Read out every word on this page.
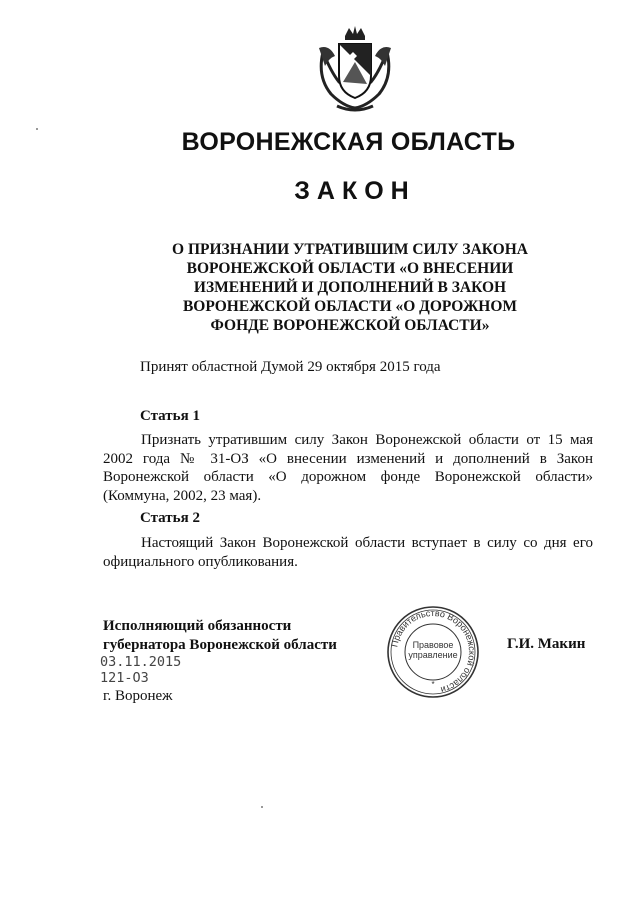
ВОРОНЕЖСКАЯ ОБЛАСТЬ
ЗАКОН
О ПРИЗНАНИИ УТРАТИВШИМ СИЛУ ЗАКОНА
ВОРОНЕЖСКОЙ ОБЛАСТИ «О ВНЕСЕНИИ
ИЗМЕНЕНИЙ И ДОПОЛНЕНИЙ В ЗАКОН
ВОРОНЕЖСКОЙ ОБЛАСТИ «О ДОРОЖНОМ
ФОНДЕ ВОРОНЕЖСКОЙ ОБЛАСТИ»
Принят областной Думой 29 октября 2015 года
Статья 1
Признать утратившим силу Закон Воронежской области от 15 мая 2002 года № 31-ОЗ «О внесении изменений и дополнений в Закон Воронежской области «О дорожном фонде Воронежской области» (Коммуна, 2002, 23 мая).
Статья 2
Настоящий Закон Воронежской области вступает в силу со дня его официального опубликования.
Исполняющий обязанности
губернатора Воронежской области
03.11.2015
121-ОЗ
г. Воронеж
Правительство Воронежской области
*
Правовое
управление
Г.И. Макин
